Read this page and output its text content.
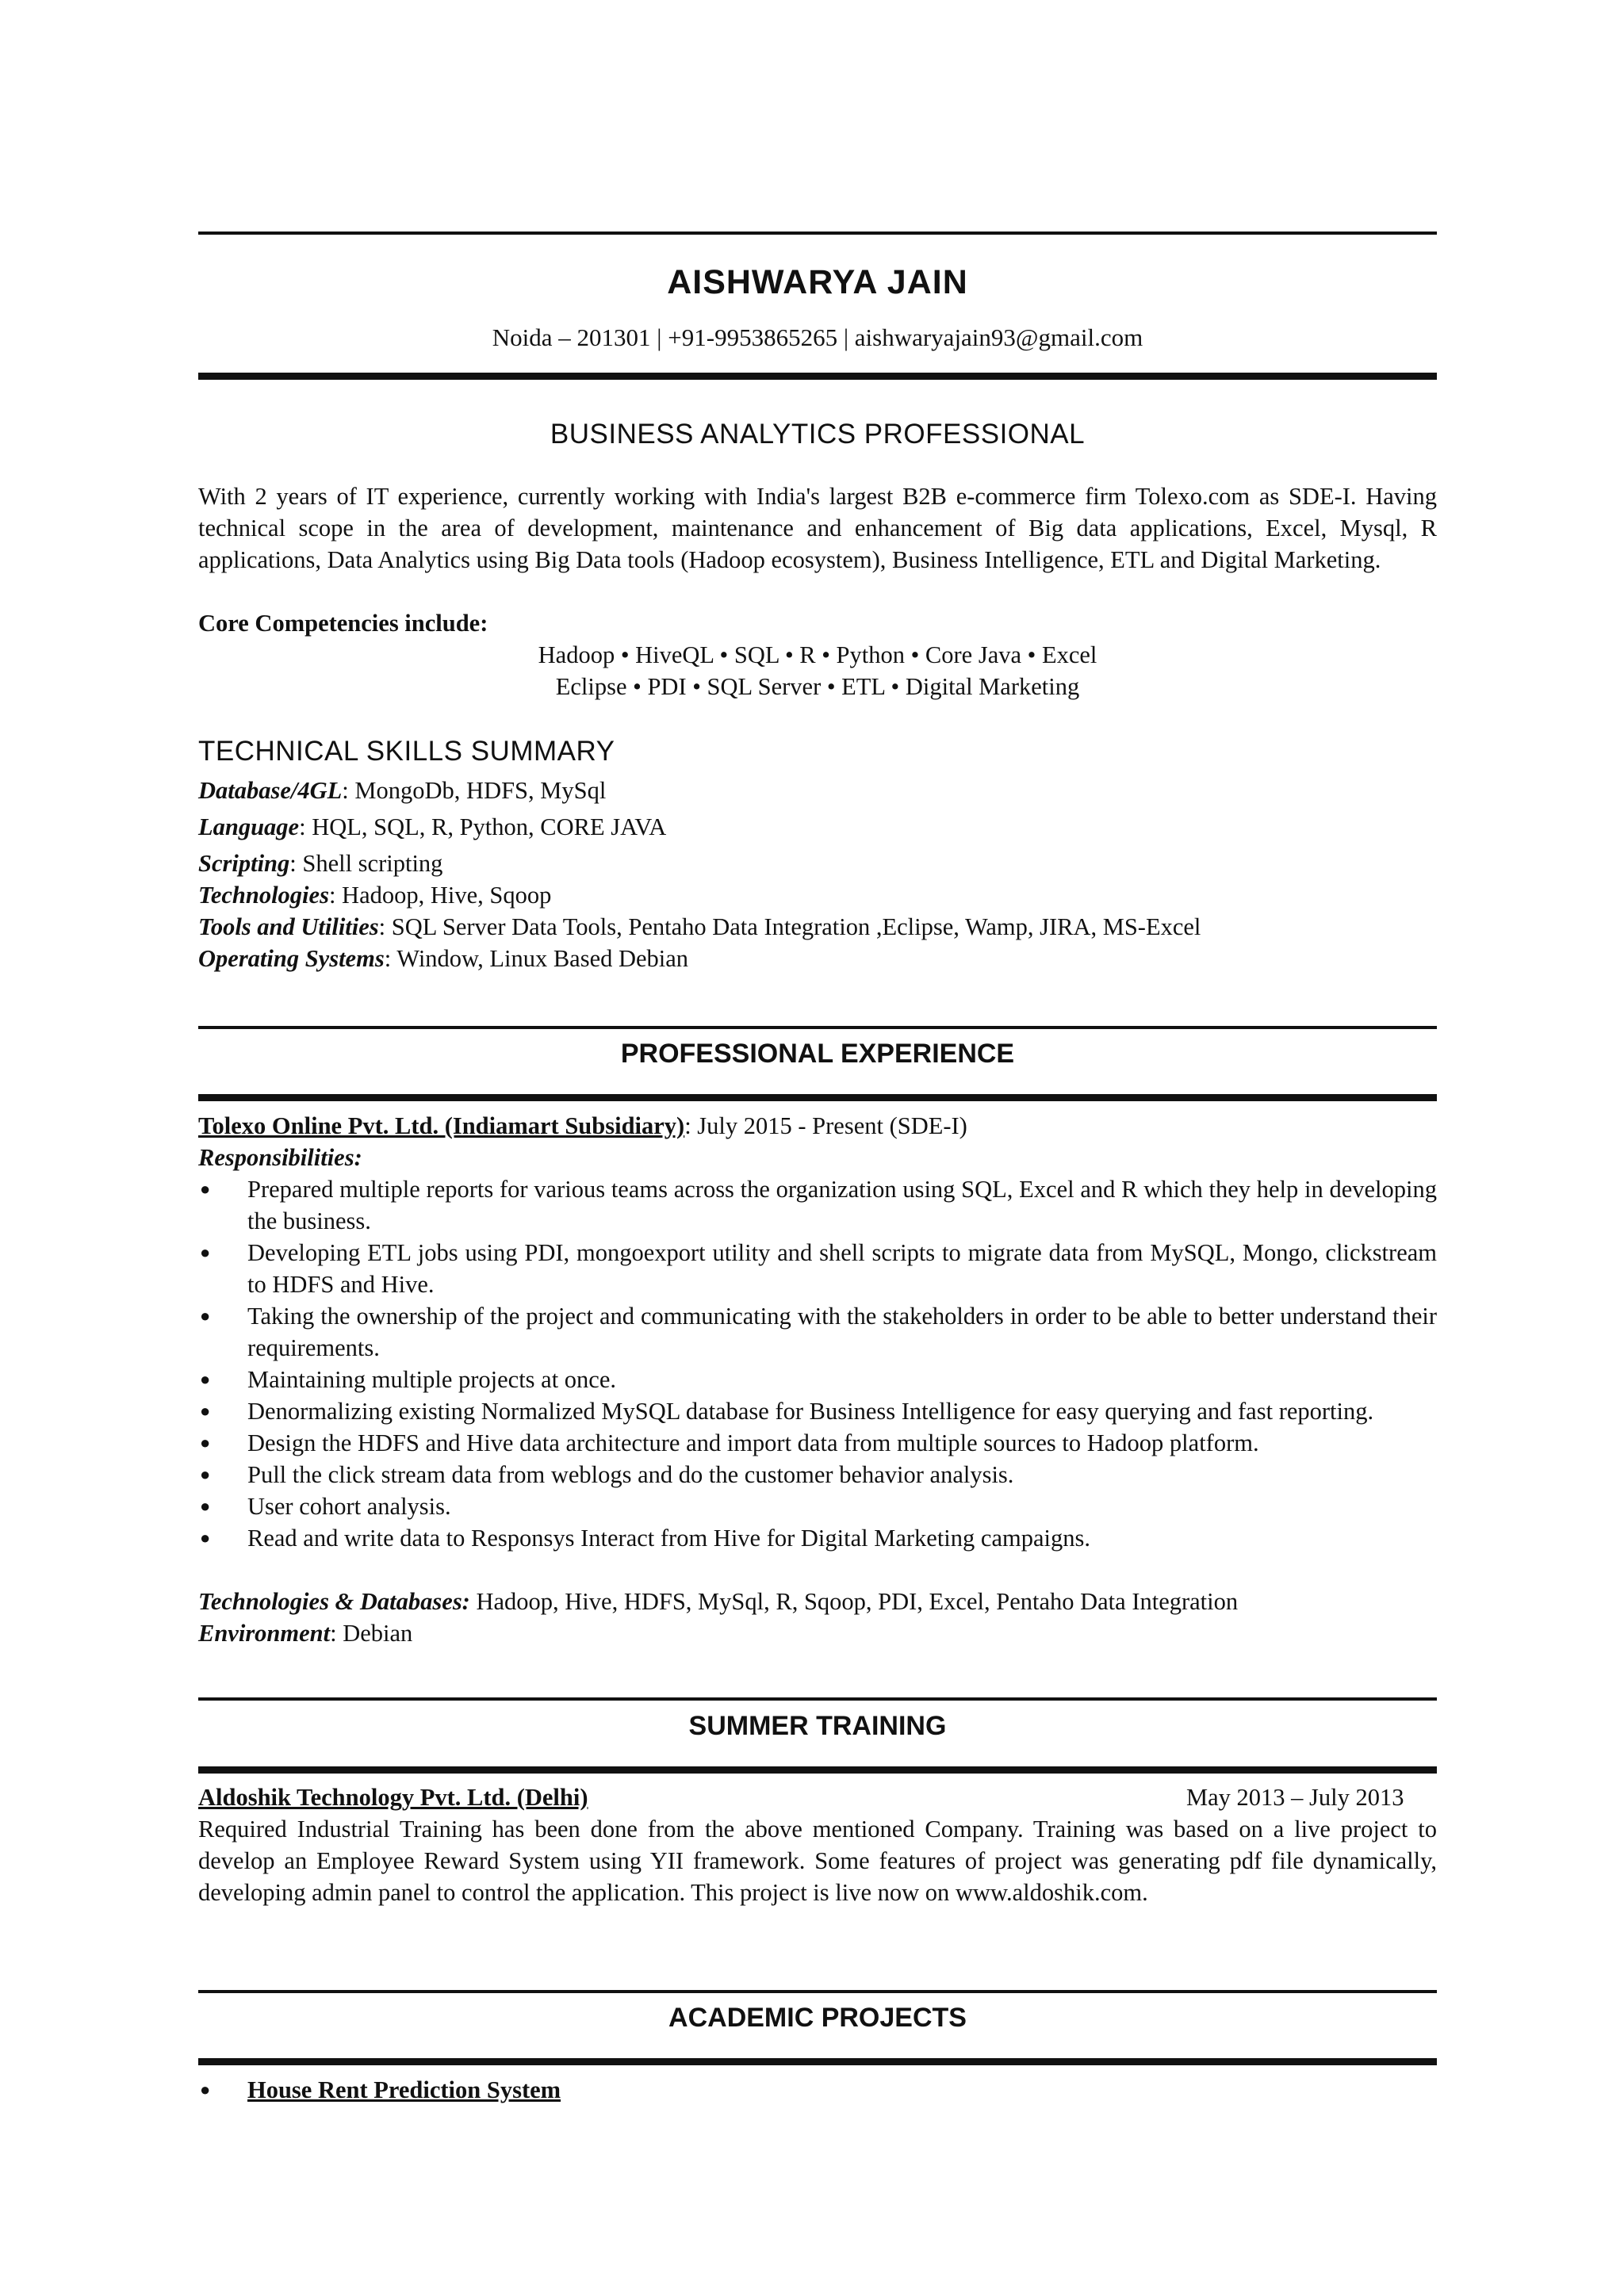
AISHWARYA JAIN
Noida – 201301 | +91-9953865265 | aishwaryajain93@gmail.com
BUSINESS ANALYTICS PROFESSIONAL
With 2 years of IT experience, currently working with India's largest B2B e-commerce firm Tolexo.com as SDE-I. Having technical scope in the area of development, maintenance and enhancement of Big data applications, Excel, Mysql, R applications, Data Analytics using Big Data tools (Hadoop ecosystem), Business Intelligence, ETL and Digital Marketing.
Core Competencies include:
Hadoop • HiveQL • SQL • R • Python • Core Java • Excel
Eclipse • PDI • SQL Server • ETL • Digital Marketing
TECHNICAL SKILLS SUMMARY
Database/4GL: MongoDb, HDFS, MySql
Language: HQL, SQL, R, Python, CORE JAVA
Scripting: Shell scripting
Technologies: Hadoop, Hive, Sqoop
Tools and Utilities: SQL Server Data Tools, Pentaho Data Integration ,Eclipse, Wamp, JIRA, MS-Excel
Operating Systems: Window, Linux Based Debian
PROFESSIONAL EXPERIENCE
Tolexo Online Pvt. Ltd. (Indiamart Subsidiary): July 2015 - Present (SDE-I)
Responsibilities:
● Prepared multiple reports for various teams across the organization using SQL, Excel and R which they help in developing the business.
● Developing ETL jobs using PDI, mongoexport utility and shell scripts to migrate data from MySQL, Mongo, clickstream to HDFS and Hive.
● Taking the ownership of the project and communicating with the stakeholders in order to be able to better understand their requirements.
● Maintaining multiple projects at once.
● Denormalizing existing Normalized MySQL database for Business Intelligence for easy querying and fast reporting.
● Design the HDFS and Hive data architecture and import data from multiple sources to Hadoop platform.
● Pull the click stream data from weblogs and do the customer behavior analysis.
● User cohort analysis.
● Read and write data to Responsys Interact from Hive for Digital Marketing campaigns.
Technologies & Databases: Hadoop, Hive, HDFS, MySql, R, Sqoop, PDI, Excel, Pentaho Data Integration
Environment: Debian
SUMMER TRAINING
Aldoshik Technology Pvt. Ltd. (Delhi)	May 2013 – July 2013
Required Industrial Training has been done from the above mentioned Company. Training was based on a live project to develop an Employee Reward System using YII framework. Some features of project was generating pdf file dynamically, developing admin panel to control the application. This project is live now on www.aldoshik.com.
ACADEMIC PROJECTS
● House Rent Prediction System
